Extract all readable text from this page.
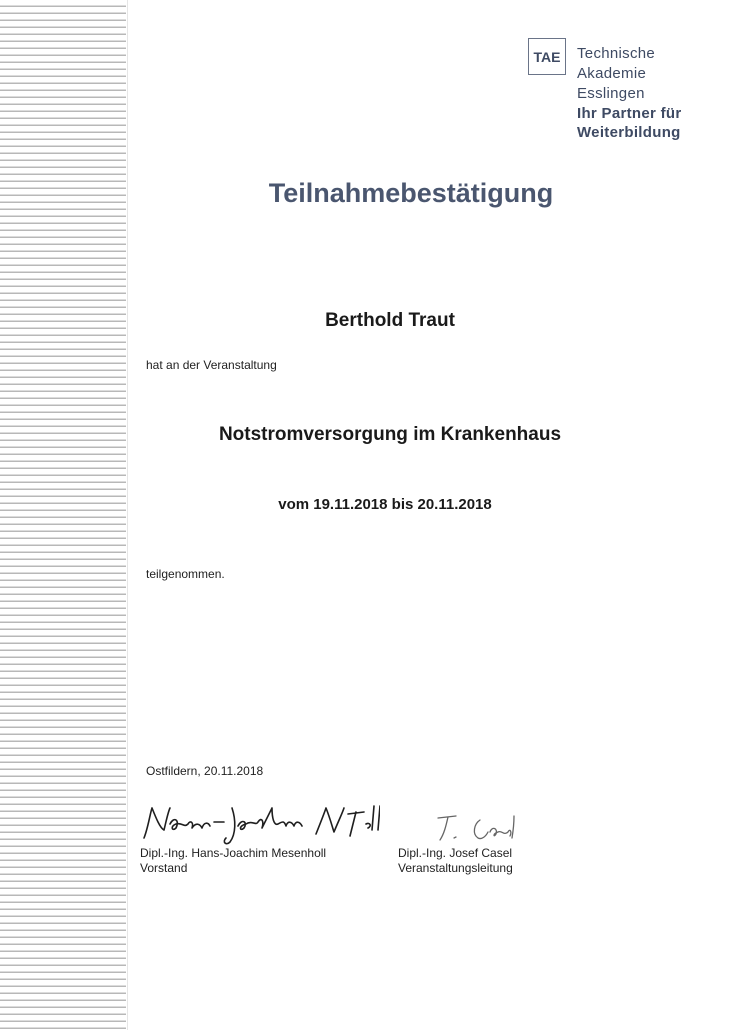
TAE	Technische
Akademie
Esslingen
Ihr Partner für
Weiterbildung
Teilnahmebestätigung
Berthold Traut
hat an der Veranstaltung
Notstromversorgung im Krankenhaus
vom 19.11.2018 bis 20.11.2018
teilgenommen.
Ostfildern, 20.11.2018
Dipl.-Ing. Hans-Joachim Mesenholl
Vorstand
Dipl.-Ing. Josef Casel
Veranstaltungsleitung
